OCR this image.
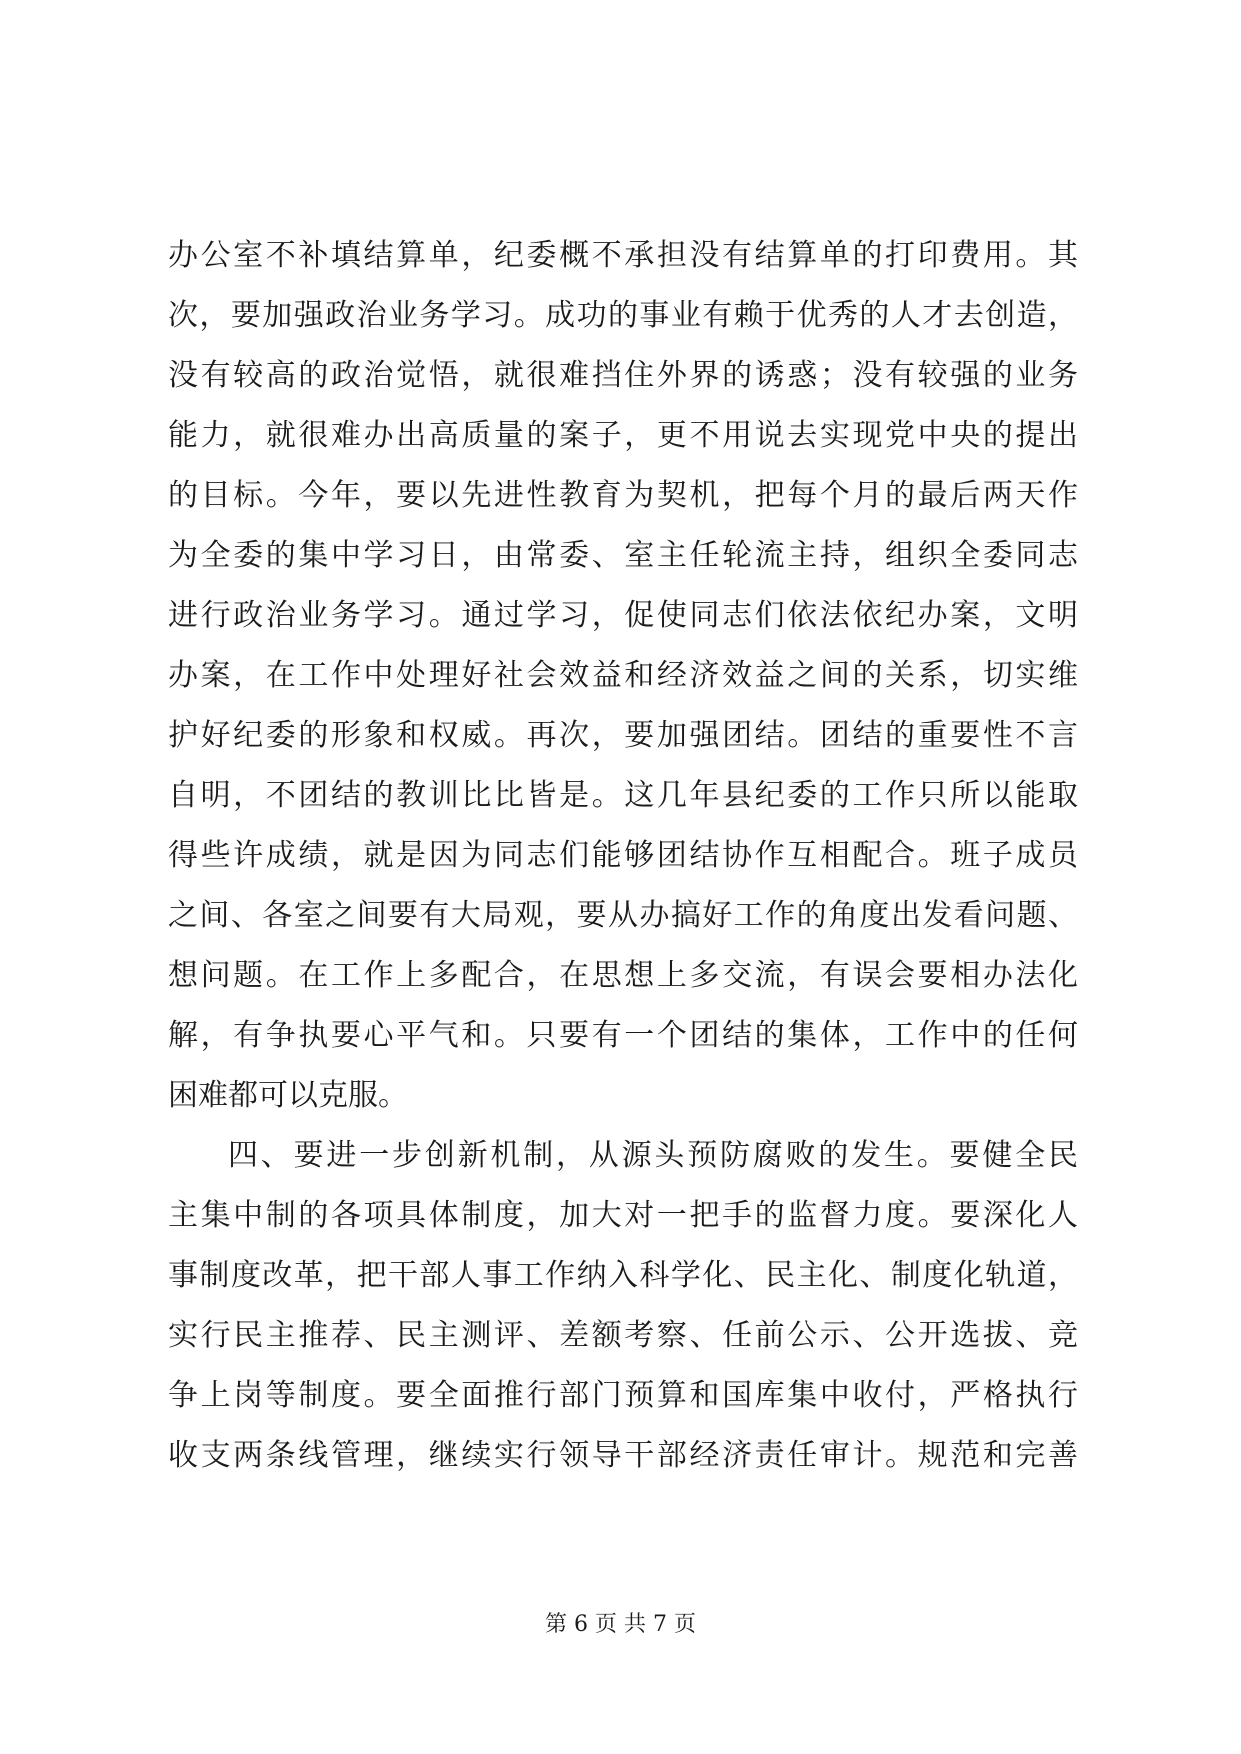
办公室不补填结算单，纪委概不承担没有结算单的打印费用。其
次，要加强政治业务学习。成功的事业有赖于优秀的人才去创造，
没有较高的政治觉悟，就很难挡住外界的诱惑；没有较强的业务
能力，就很难办出高质量的案子，更不用说去实现党中央的提出
的目标。今年，要以先进性教育为契机，把每个月的最后两天作
为全委的集中学习日，由常委、室主任轮流主持，组织全委同志
进行政治业务学习。通过学习，促使同志们依法依纪办案，文明
办案，在工作中处理好社会效益和经济效益之间的关系，切实维
护好纪委的形象和权威。再次，要加强团结。团结的重要性不言
自明，不团结的教训比比皆是。这几年县纪委的工作只所以能取
得些许成绩，就是因为同志们能够团结协作互相配合。班子成员
之间、各室之间要有大局观，要从办搞好工作的角度出发看问题、
想问题。在工作上多配合，在思想上多交流，有误会要相办法化
解，有争执要心平气和。只要有一个团结的集体，工作中的任何
困难都可以克服。
四、要进一步创新机制，从源头预防腐败的发生。要健全民
主集中制的各项具体制度，加大对一把手的监督力度。要深化人
事制度改革，把干部人事工作纳入科学化、民主化、制度化轨道，
实行民主推荐、民主测评、差额考察、任前公示、公开选拔、竞
争上岗等制度。要全面推行部门预算和国库集中收付，严格执行
收支两条线管理，继续实行领导干部经济责任审计。规范和完善
第 6 页 共 7 页
